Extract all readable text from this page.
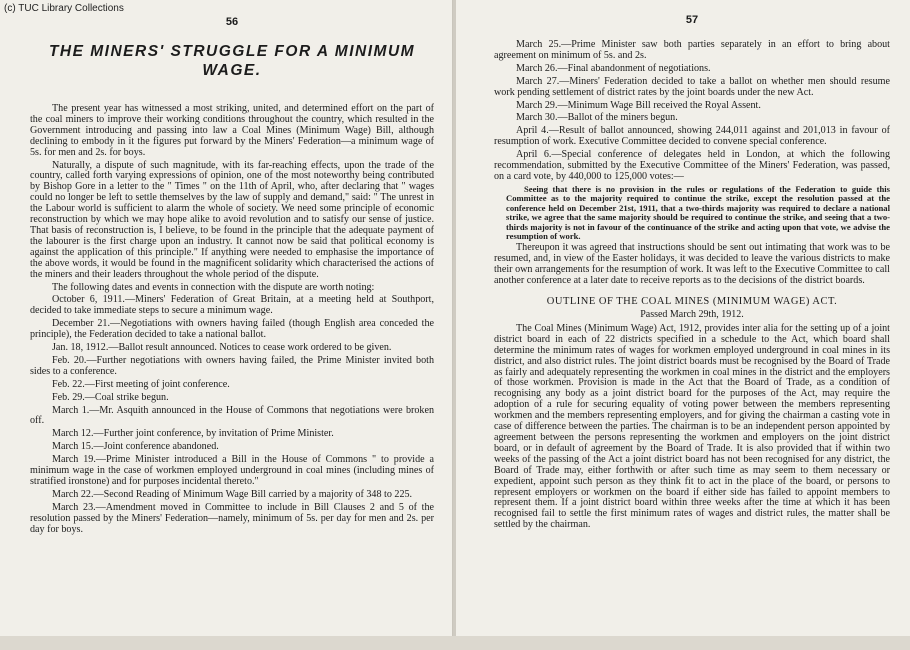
(c) TUC Library Collections
56
THE MINERS' STRUGGLE FOR A MINIMUM WAGE.

The present year has witnessed a most striking, united, and determined effort on the part of the coal miners to improve their working conditions throughout the country, which resulted in the Government introducing and passing into law a Coal Mines (Minimum Wage) Bill, although declining to embody in it the figures put forward by the Miners' Federation—a minimum wage of 5s. for men and 2s. for boys.

Naturally, a dispute of such magnitude, with its far-reaching effects, upon the trade of the country, called forth varying expressions of opinion, one of the most noteworthy being contributed by Bishop Gore in a letter to the " Times " on the 11th of April, who, after declaring that " wages could no longer be left to settle themselves by the law of supply and demand," said: " The unrest in the Labour world is sufficient to alarm the whole of society. We need some principle of economic reconstruction by which we may hope alike to avoid revolution and to satisfy our sense of justice. That basis of reconstruction is, I believe, to be found in the principle that the adequate payment of the labourer is the first charge upon an industry. It cannot now be said that political economy is against the application of this principle." If anything were needed to emphasise the importance of the above words, it would be found in the magnificent solidarity which characterised the actions of the miners and their leaders throughout the whole period of the dispute.

The following dates and events in connection with the dispute are worth noting:

October 6, 1911.—Miners' Federation of Great Britain, at a meeting held at Southport, decided to take immediate steps to secure a minimum wage.

December 21.—Negotiations with owners having failed (though English area conceded the principle), the Federation decided to take a national ballot.

Jan. 18, 1912.—Ballot result announced. Notices to cease work ordered to be given.

Feb. 20.—Further negotiations with owners having failed, the Prime Minister invited both sides to a conference.

Feb. 22.—First meeting of joint conference.

Feb. 29.—Coal strike begun.

March 1.—Mr. Asquith announced in the House of Commons that negotiations were broken off.

March 12.—Further joint conference, by invitation of Prime Minister.

March 15.—Joint conference abandoned.

March 19.—Prime Minister introduced a Bill in the House of Commons " to provide a minimum wage in the case of workmen employed underground in coal mines (including mines of stratified ironstone) and for purposes incidental thereto."

March 22.—Second Reading of Minimum Wage Bill carried by a majority of 348 to 225.

March 23.—Amendment moved in Committee to include in Bill Clauses 2 and 5 of the resolution passed by the Miners' Federation—namely, minimum of 5s. per day for men and 2s. per day for boys.

57

March 25.—Prime Minister saw both parties separately in an effort to bring about agreement on minimum of 5s. and 2s.

March 26.—Final abandonment of negotiations.

March 27.—Miners' Federation decided to take a ballot on whether men should resume work pending settlement of district rates by the joint boards under the new Act.

March 29.—Minimum Wage Bill received the Royal Assent.

March 30.—Ballot of the miners begun.

April 4.—Result of ballot announced, showing 244,011 against and 201,013 in favour of resumption of work. Executive Committee decided to convene special conference.

April 6.—Special conference of delegates held in London, at which the following recommendation, submitted by the Executive Committee of the Miners' Federation, was passed, on a card vote, by 440,000 to 125,000 votes:—

Seeing that there is no provision in the rules or regulations of the Federation to guide this Committee as to the majority required to continue the strike, except the resolution passed at the conference held on December 21st, 1911, that a two-thirds majority was required to declare a national strike, we agree that the same majority should be required to continue the strike, and seeing that a two-thirds majority is not in favour of the continuance of the strike and acting upon that vote, we advise the resumption of work.

Thereupon it was agreed that instructions should be sent out intimating that work was to be resumed, and, in view of the Easter holidays, it was decided to leave the various districts to make their own arrangements for the resumption of work. It was left to the Executive Committee to call another conference at a later date to receive reports as to the decisions of the district boards.

OUTLINE OF THE COAL MINES (MINIMUM WAGE) ACT.
Passed March 29th, 1912.

The Coal Mines (Minimum Wage) Act, 1912, provides inter alia for the setting up of a joint district board in each of 22 districts specified in a schedule to the Act, which board shall determine the minimum rates of wages for workmen employed underground in coal mines in its district, and also district rules. The joint district boards must be recognised by the Board of Trade as fairly and adequately representing the workmen in coal mines in the district and the employers of those workmen. Provision is made in the Act that the Board of Trade, as a condition of recognising any body as a joint district board for the purposes of the Act, may require the adoption of a rule for securing equality of voting power between the members representing workmen and the members representing employers, and for giving the chairman a casting vote in case of difference between the parties. The chairman is to be an independent person appointed by agreement between the persons representing the workmen and employers on the joint district board, or in default of agreement by the Board of Trade. It is also provided that if within two weeks of the passing of the Act a joint district board has not been recognised for any district, the Board of Trade may, either forthwith or after such time as may seem to them necessary or expedient, appoint such person as they think fit to act in the place of the board, or persons to represent employers or workmen on the board if either side has failed to appoint members to represent them. If a joint district board within three weeks after the time at which it has been recognised fail to settle the first minimum rates of wages and district rules, the matter shall be settled by the chairman.
